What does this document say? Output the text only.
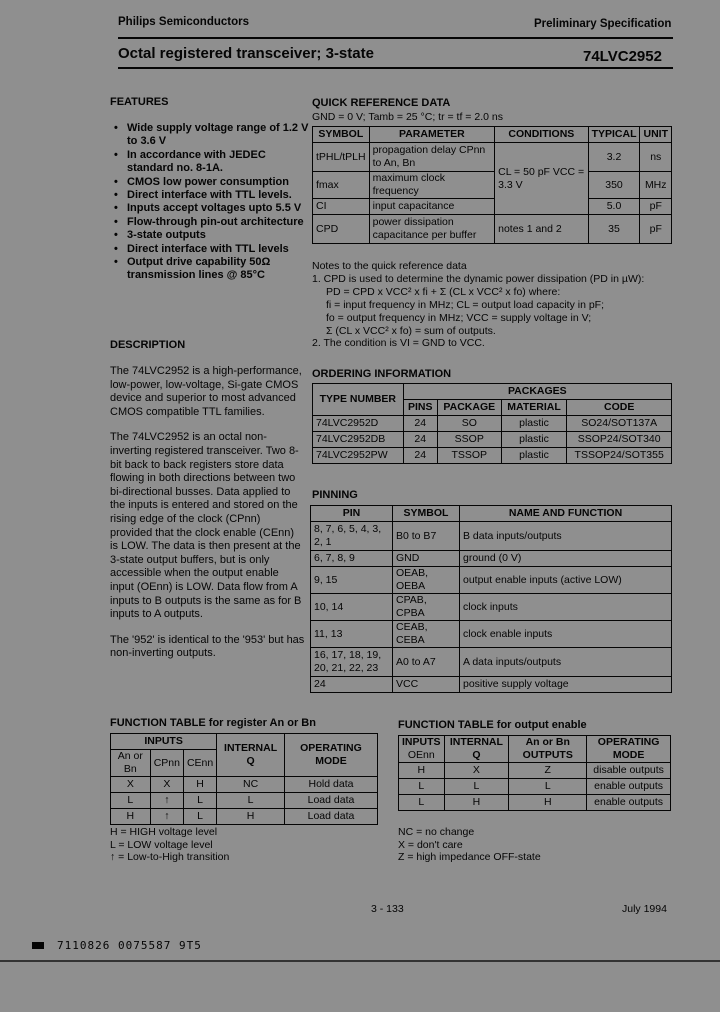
Philips Semiconductors	Preliminary Specification
Octal registered transceiver; 3-state	74LVC2952
FEATURES
• Wide supply voltage range of 1.2 V to 3.6 V
• In accordance with JEDEC standard no. 8-1A.
• CMOS low power consumption
• Direct interface with TTL levels.
• Inputs accept voltages upto 5.5 V
• Flow-through pin-out architecture
• 3-state outputs
• Direct interface with TTL levels
• Output drive capability 50Ω transmission lines @ 85°C
DESCRIPTION

The 74LVC2952 is a high-performance, low-power, low-voltage, Si-gate CMOS device and superior to most advanced CMOS compatible TTL families.

The 74LVC2952 is an octal non-inverting registered transceiver. Two 8-bit back to back registers store data flowing in both directions between two bi-directional busses. Data applied to the inputs is entered and stored on the rising edge of the clock (CPnn) provided that the clock enable (CEnn) is LOW. The data is then present at the 3-state output buffers, but is only accessible when the output enable input (OEnn) is LOW. Data flow from A inputs to B outputs is the same as for B inputs to A outputs.

The '952' is identical to the '953' but has non-inverting outputs.

QUICK REFERENCE DATA
GND = 0 V; Tamb = 25 °C; tr = tf = 2.0 ns
SYMBOL	PARAMETER	CONDITIONS	TYPICAL	UNIT
tPHL/tPLH	propagation delay CPnn to An, Bn	CL = 50 pF VCC = 3.3 V	3.2	ns
fmax	maximum clock frequency		350	MHz
CI	input capacitance		5.0	pF
CPD	power dissipation capacitance per buffer	notes 1 and 2	35	pF
Notes to the quick reference data
1. CPD is used to determine the dynamic power dissipation (PD in µW):
PD = CPD x VCC² x fi + Σ (CL x VCC² x fo) where:
fi = input frequency in MHz; CL = output load capacity in pF;
fo = output frequency in MHz; VCC = supply voltage in V;
Σ (CL x VCC² x fo) = sum of outputs.
2. The condition is VI = GND to VCC.
ORDERING INFORMATION
TYPE NUMBER	PACKAGES			
	PINS	PACKAGE	MATERIAL	CODE
74LVC2952D	24	SO	plastic	SO24/SOT137A
74LVC2952DB	24	SSOP	plastic	SSOP24/SOT340
74LVC2952PW	24	TSSOP	plastic	TSSOP24/SOT355
PINNING
PIN	SYMBOL	NAME AND FUNCTION
8, 7, 6, 5, 4, 3, 2, 1	B0 to B7	B data inputs/outputs
6, 7, 8, 9	GND	ground (0 V)
9, 15	OEAB, OEBA	output enable inputs (active LOW)
10, 14	CPAB, CPBA	clock inputs
11, 13	CEAB, CEBA	clock enable inputs
16, 17, 18, 19, 20, 21, 22, 23	A0 to A7	A data inputs/outputs
24	VCC	positive supply voltage
FUNCTION TABLE for register An or Bn
INPUTS			INTERNAL Q	OPERATING MODE
An or Bn	CPnn	CEnn		
X	X	H	NC	Hold data
L	↑	L	L	Load data
H	↑	L	H	Load data
H = HIGH voltage level
L = LOW voltage level
↑ = Low-to-High transition
FUNCTION TABLE for output enable
INPUTS
OEnn	INTERNAL Q	An or Bn OUTPUTS	OPERATING MODE
H	X	Z	disable outputs
L	L	L	enable outputs
L	H	H	enable outputs
NC = no change
X = don't care
Z = high impedance OFF-state
3 - 133	July 1994
7110826 0075587 9T5
